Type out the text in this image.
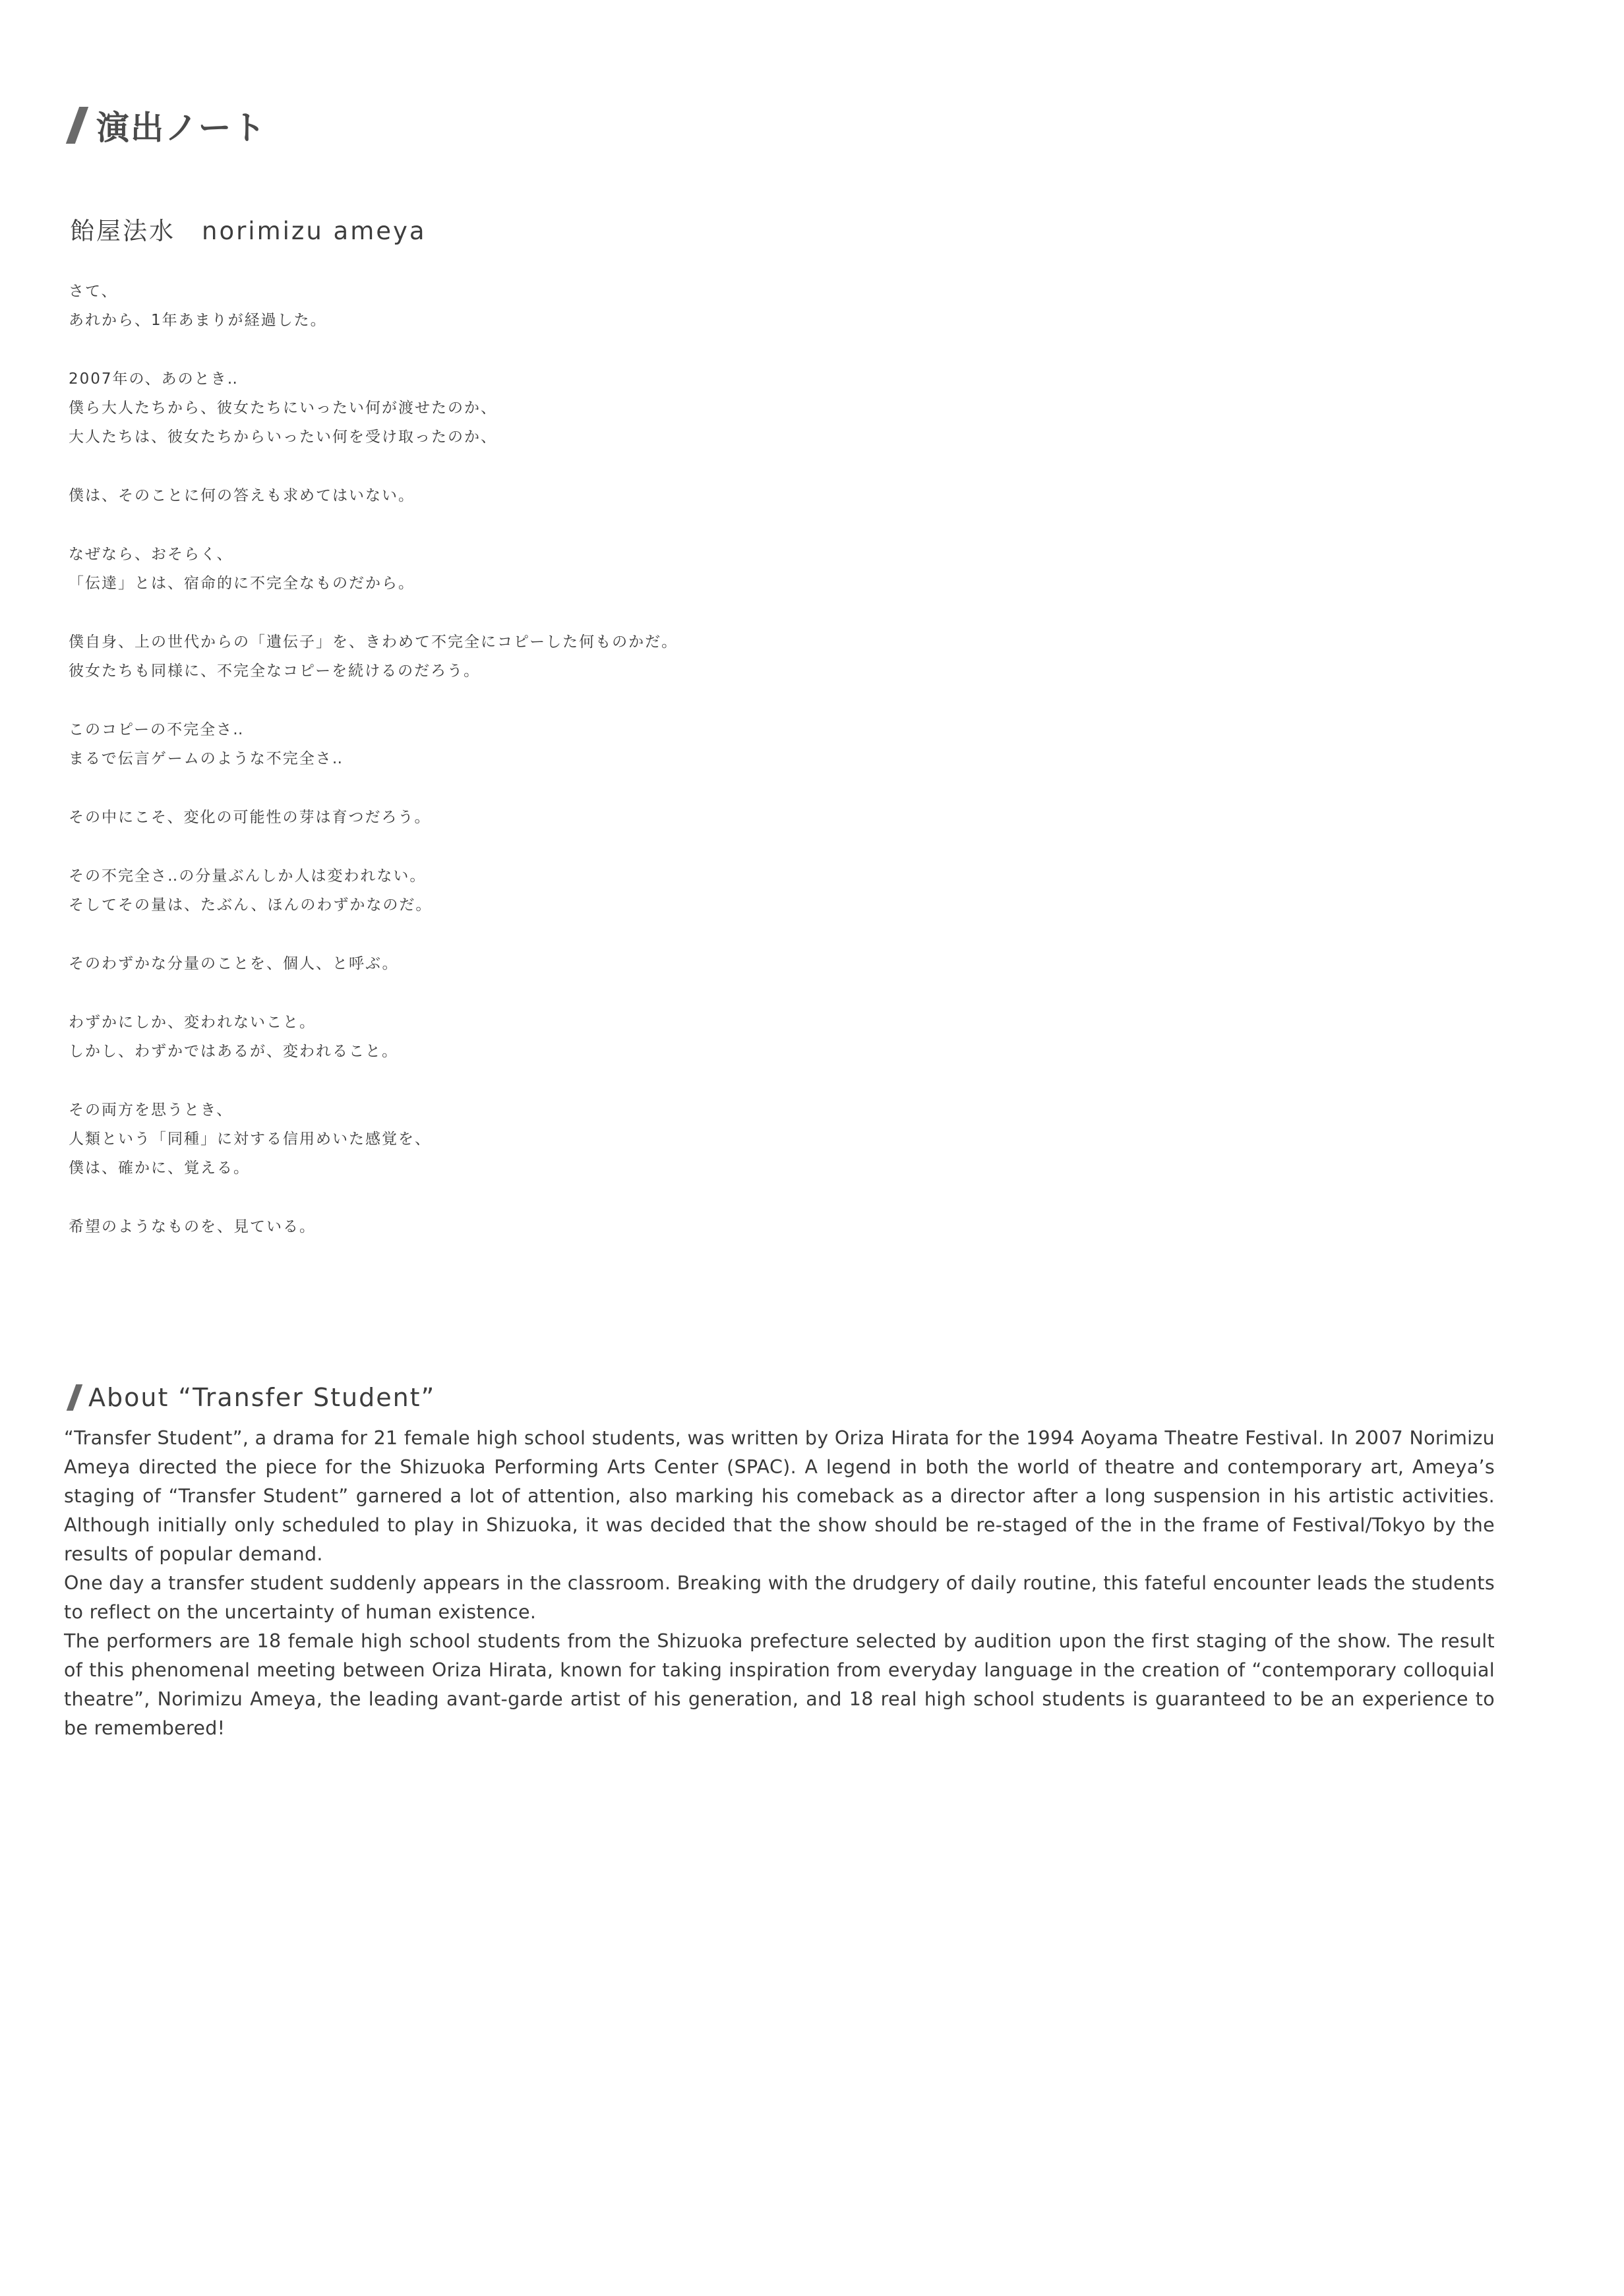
演出ノート
飴屋法水 norimizu ameya
さて、
あれから、1年あまりが経過した。
2007年の、あのとき‥
僕ら大人たちから、彼女たちにいったい何が渡せたのか、
大人たちは、彼女たちからいったい何を受け取ったのか、
僕は、そのことに何の答えも求めてはいない。
なぜなら、おそらく、
「伝達」とは、宿命的に不完全なものだから。
僕自身、上の世代からの「遺伝子」を、きわめて不完全にコピーした何ものかだ。
彼女たちも同様に、不完全なコピーを続けるのだろう。
このコピーの不完全さ‥
まるで伝言ゲームのような不完全さ‥
その中にこそ、変化の可能性の芽は育つだろう。
その不完全さ‥の分量ぶんしか人は変われない。
そしてその量は、たぶん、ほんのわずかなのだ。
そのわずかな分量のことを、個人、と呼ぶ。
わずかにしか、変われないこと。
しかし、わずかではあるが、変われること。
その両方を思うとき、
人類という「同種」に対する信用めいた感覚を、
僕は、確かに、覚える。
希望のようなものを、見ている。
About “Transfer Student”

“Transfer Student”, a drama for 21 female high school students, was written by Oriza Hirata for the 1994 Aoyama Theatre Festival. In 2007 Norimizu Ameya directed the piece for the Shizuoka Performing Arts Center (SPAC). A legend in both the world of theatre and contemporary art, Ameya’s staging of “Transfer Student” garnered a lot of attention, also marking his comeback as a director after a long suspension in his artistic activities. Although initially only scheduled to play in Shizuoka, it was decided that the show should be re-staged of the in the frame of Festival/Tokyo by the results of popular demand.

One day a transfer student suddenly appears in the classroom. Breaking with the drudgery of daily routine, this fateful encounter leads the students to reflect on the uncertainty of human existence.

The performers are 18 female high school students from the Shizuoka prefecture selected by audition upon the first staging of the show. The result of this phenomenal meeting between Oriza Hirata, known for taking inspiration from everyday language in the creation of “contemporary colloquial theatre”, Norimizu Ameya, the leading avant-garde artist of his generation, and 18 real high school students is guaranteed to be an experience to be remembered!
